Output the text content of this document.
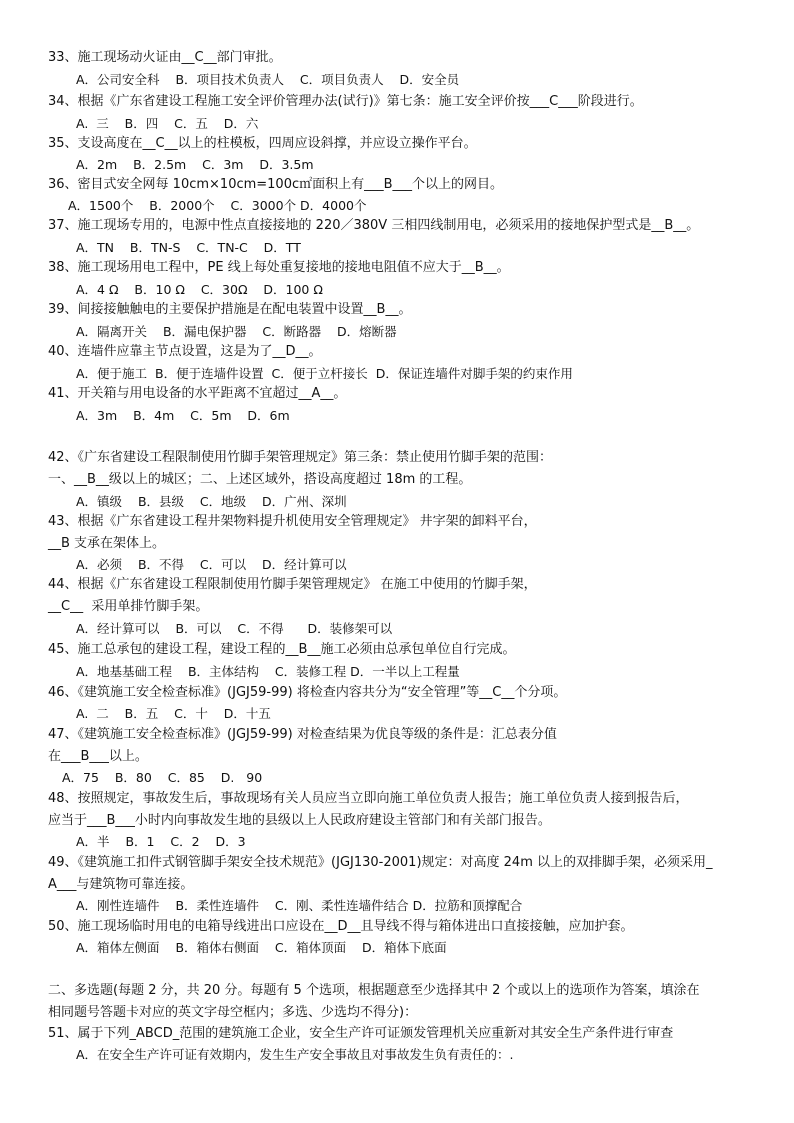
33、施工现场动火证由__C__部门审批。
A．公司安全科    B．项目技术负责人    C．项目负责人    D．安全员
34、根据《广东省建设工程施工安全评价管理办法(试行)》第七条：施工安全评价按___C___阶段进行。
A.  三    B．四    C．五    D．六
35、支设高度在__C__以上的柱模板，四周应设斜撑，并应设立操作平台。
A．2m    B．2.5m    C．3m    D．3.5m
36、密目式安全网每 10cm×10cm=100c㎡面积上有___B___个以上的网目。
A．1500个    B．2000个    C．3000个 D．4000个
37、施工现场专用的，电源中性点直接接地的 220／380V 三相四线制用电，必须采用的接地保护型式是__B__。
A．TN    B．TN-S    C．TN-C    D．TT
38、施工现场用电工程中，PE 线上每处重复接地的接地电阻值不应大于__B__。
A．4 Ω    B．10 Ω    C．30Ω    D．100 Ω
39、间接接触触电的主要保护措施是在配电装置中设置__B__。
A．隔离开关    B．漏电保护器    C．断路器    D．熔断器
40、连墙件应靠主节点设置，这是为了__D__。
A．便于施工  B．便于连墙件设置  C．便于立杆接长  D．保证连墙件对脚手架的约束作用
41、开关箱与用电设备的水平距离不宜超过__A__。
A．3m    B．4m    C．5m    D．6m
42、《广东省建设工程限制使用竹脚手架管理规定》第三条：禁止使用竹脚手架的范围：
一、__B__级以上的城区；二、上述区域外，搭设高度超过 18m 的工程。
A．镇级    B．县级    C．地级    D．广州、深圳
43、根据《广东省建设工程井架物料提升机使用安全管理规定》 井字架的卸料平台，
__B 支承在架体上。
A．必须    B．不得    C．可以    D．经计算可以
44、根据《广东省建设工程限制使用竹脚手架管理规定》 在施工中使用的竹脚手架，
__C__  采用单排竹脚手架。
A．经计算可以    B．可以    C．不得      D．装修架可以
45、施工总承包的建设工程，建设工程的__B__施工必须由总承包单位自行完成。
A．地基基础工程    B．主体结构    C．装修工程 D．一半以上工程量
46、《建筑施工安全检查标准》(JGJ59-99) 将检查内容共分为“安全管理”等__C__个分项。
A.  二    B．五    C．十    D．十五
47、《建筑施工安全检查标准》(JGJ59-99) 对检查结果为优良等级的条件是：汇总表分值
在___B___以上。
A．75    B．80    C．85    D.   90
48、按照规定，事故发生后，事故现场有关人员应当立即向施工单位负责人报告；施工单位负责人接到报告后，
应当于___B___小时内向事故发生地的县级以上人民政府建设主管部门和有关部门报告。
A．半    B．1    C．2    D．3
49、《建筑施工扣件式钢管脚手架安全技术规范》(JGJ130-2001)规定：对高度 24m 以上的双排脚手架，必须采用_
A___与建筑物可靠连接。
A．刚性连墙件    B．柔性连墙件    C．刚、柔性连墙件结合 D．拉筋和顶撑配合
50、施工现场临时用电的电箱导线进出口应设在__D__且导线不得与箱体进出口直接接触，应加护套。
A．箱体左侧面    B．箱体右侧面    C．箱体顶面    D．箱体下底面
二、多选题(每题 2 分，共 20 分。每题有 5 个选项，根据题意至少选择其中 2 个或以上的选项作为答案，填涂在
相同题号答题卡对应的英文字母空框内；多选、少选均不得分)：
51、属于下列_ABCD_范围的建筑施工企业，安全生产许可证颁发管理机关应重新对其安全生产条件进行审查
A．在安全生产许可证有效期内，发生生产安全事故且对事故发生负有责任的：.
